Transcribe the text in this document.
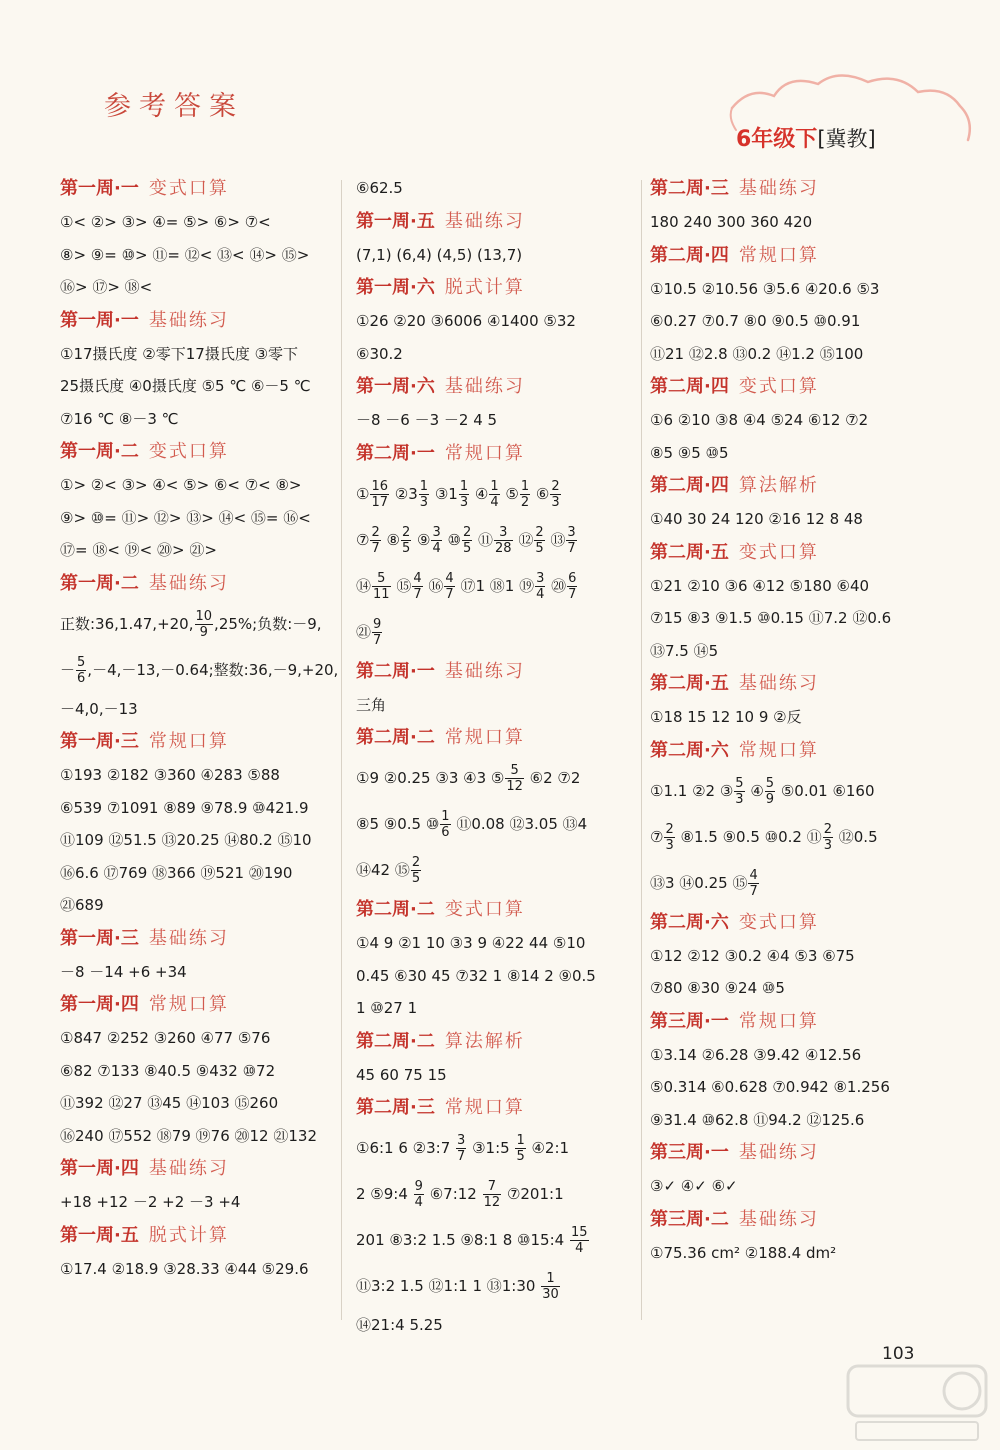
参考答案
6年级下[冀教]
第一周·一 变式口算
①< ②> ③> ④= ⑤> ⑥> ⑦<
⑧> ⑨= ⑩> ⑪= ⑫< ⑬< ⑭> ⑮>
⑯> ⑰> ⑱<
第一周·一 基础练习
①17摄氏度 ②零下17摄氏度 ③零下
25摄氏度 ④0摄氏度 ⑤5 ℃ ⑥－5 ℃
⑦16 ℃ ⑧－3 ℃
第一周·二 变式口算
①> ②< ③> ④< ⑤> ⑥< ⑦< ⑧>
⑨> ⑩= ⑪> ⑫> ⑬> ⑭< ⑮= ⑯<
⑰= ⑱< ⑲< ⑳> ㉑>
第一周·二 基础练习
正数:36,1.47,+20, $\frac{10}{9} ,25\%$;负数:－9,
－ $\frac{5}{6} ,-4,-13,-0.64$;整数:36,－9,+20,
－4,0,－13
第一周·三 常规口算
①193 ②182 ③360 ④283 ⑤88
⑥539 ⑦1091 ⑧89 ⑨78.9 ⑩421.9
⑪109 ⑫51.5 ⑬20.25 ⑭80.2 ⑮10
⑯6.6 ⑰769 ⑱366 ⑲521 ⑳190
㉑689
第一周·三 基础练习
－8 －14 +6 +34
第一周·四 常规口算
①847 ②252 ③260 ④77 ⑤76
⑥82 ⑦133 ⑧40.5 ⑨432 ⑩72
⑪392 ⑫27 ⑬45 ⑭103 ⑮260
⑯240 ⑰552 ⑱79 ⑲76 ⑳12 ㉑132
第一周·四 基础练习
+18 +12 －2 +2 －3 +4
第一周·五 脱式计算
①17.4 ②18.9 ③28.33 ④44 ⑤29.6
⑥62.5
第一周·五 基础练习
(7,1) (6,4) (4,5) (13,7)
第一周·六 脱式计算
①26 ②20 ③6006 ④1400 ⑤32
⑥30.2
第一周·六 基础练习
－8 －6 －3 －2 4 5
第二周·一 常规口算
① $\frac{16}{17}$ ②3 $\frac{1}{3}$ ③1 $\frac{1}{3}$ ④ $\frac{1}{4}$ ⑤ $\frac{1}{2}$ ⑥ $\frac{2}{3}$
⑦ $\frac{2}{7}$ ⑧ $\frac{2}{5}$ ⑨ $\frac{3}{4}$ ⑩ $\frac{2}{5}$ ⑪ $\frac{3}{28}$ ⑫ $\frac{2}{5}$ ⑬ $\frac{3}{7}$
⑭ $\frac{5}{11}$ ⑮ $\frac{4}{7}$ ⑯ $\frac{4}{7}$ ⑰1 ⑱1 ⑲ $\frac{3}{4}$ ⑳ $\frac{6}{7}$
㉑ $\frac{9}{7}$
第二周·一 基础练习
三角
第二周·二 常规口算
①9 ②0.25 ③3 ④3 ⑤ $\frac{5}{12}$ ⑥2 ⑦2
⑧5 ⑨0.5 ⑩ $\frac{1}{6}$ ⑪0.08 ⑫3.05 ⑬4
⑭42 ⑮ $\frac{2}{5}$
第二周·二 变式口算
①4 9 ②1 10 ③3 9 ④22 44 ⑤10
0.45 ⑥30 45 ⑦32 1 ⑧14 2 ⑨0.5
1 ⑩27 1
第二周·二 算法解析
45 60 75 15
第二周·三 常规口算
①6:1 6 ②3:7 $\frac{3}{7}$ ③1:5 $\frac{1}{5}$ ④2:1
2 ⑤9:4 $\frac{9}{4}$ ⑥7:12 $\frac{7}{12}$ ⑦201:1
201 ⑧3:2 1.5 ⑨8:1 8 ⑩15:4 $\frac{15}{4}$
⑪3:2 1.5 ⑫1:1 1 ⑬1:30 $\frac{1}{30}$
⑭21:4 5.25
第二周·三 基础练习
180 240 300 360 420
第二周·四 常规口算
①10.5 ②10.56 ③5.6 ④20.6 ⑤3
⑥0.27 ⑦0.7 ⑧0 ⑨0.5 ⑩0.91
⑪21 ⑫2.8 ⑬0.2 ⑭1.2 ⑮100
第二周·四 变式口算
①6 ②10 ③8 ④4 ⑤24 ⑥12 ⑦2
⑧5 ⑨5 ⑩5
第二周·四 算法解析
①40 30 24 120 ②16 12 8 48
第二周·五 变式口算
①21 ②10 ③6 ④12 ⑤180 ⑥40
⑦15 ⑧3 ⑨1.5 ⑩0.15 ⑪7.2 ⑫0.6
⑬7.5 ⑭5
第二周·五 基础练习
①18 15 12 10 9 ②反
第二周·六 常规口算
①1.1 ②2 ③ $\frac{5}{3}$ ④ $\frac{5}{9}$ ⑤0.01 ⑥160
⑦ $\frac{2}{3}$ ⑧1.5 ⑨0.5 ⑩0.2 ⑪ $\frac{2}{3}$ ⑫0.5
⑬3 ⑭0.25 ⑮ $\frac{4}{7}$
第二周·六 变式口算
①12 ②12 ③0.2 ④4 ⑤3 ⑥75
⑦80 ⑧30 ⑨24 ⑩5
第三周·一 常规口算
①3.14 ②6.28 ③9.42 ④12.56
⑤0.314 ⑥0.628 ⑦0.942 ⑧1.256
⑨31.4 ⑩62.8 ⑪94.2 ⑫125.6
第三周·一 基础练习
③✓ ④✓ ⑥✓
第三周·二 基础练习
①75.36 cm² ②188.4 dm²
103
